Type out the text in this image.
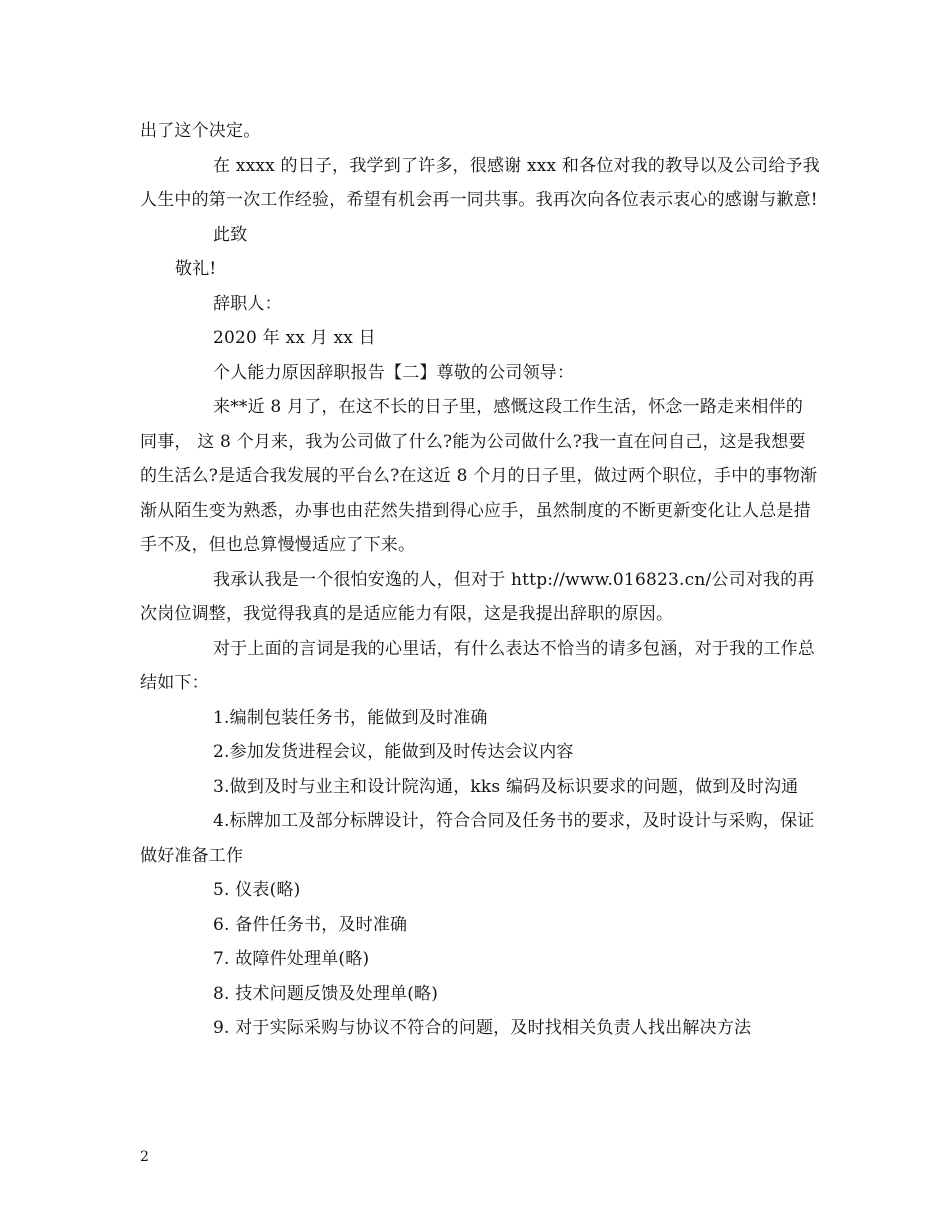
出了这个决定。

在 xxxx 的日子，我学到了许多，很感谢 xxx 和各位对我的教导以及公司给予我人生中的第一次工作经验，希望有机会再一同共事。我再次向各位表示衷心的感谢与歉意!

此致

敬礼!

辞职人：

2020 年 xx 月 xx 日

个人能力原因辞职报告【二】尊敬的公司领导：

来**近 8 月了，在这不长的日子里，感慨这段工作生活，怀念一路走来相伴的同事， 这 8 个月来，我为公司做了什么?能为公司做什么?我一直在问自己，这是我想要的生活么?是适合我发展的平台么?在这近 8 个月的日子里，做过两个职位，手中的事物渐渐从陌生变为熟悉，办事也由茫然失措到得心应手，虽然制度的不断更新变化让人总是措手不及，但也总算慢慢适应了下来。

我承认我是一个很怕安逸的人，但对于 http://www.016823.cn/公司对我的再次岗位调整，我觉得我真的是适应能力有限，这是我提出辞职的原因。

对于上面的言词是我的心里话，有什么表达不恰当的请多包涵，对于我的工作总结如下：

1.编制包装任务书，能做到及时准确

2.参加发货进程会议，能做到及时传达会议内容

3.做到及时与业主和设计院沟通，kks 编码及标识要求的问题，做到及时沟通

4.标牌加工及部分标牌设计，符合合同及任务书的要求，及时设计与采购，保证做好准备工作

5. 仪表(略)

6. 备件任务书，及时准确

7. 故障件处理单(略)

8. 技术问题反馈及处理单(略)

9. 对于实际采购与协议不符合的问题，及时找相关负责人找出解决方法

2
